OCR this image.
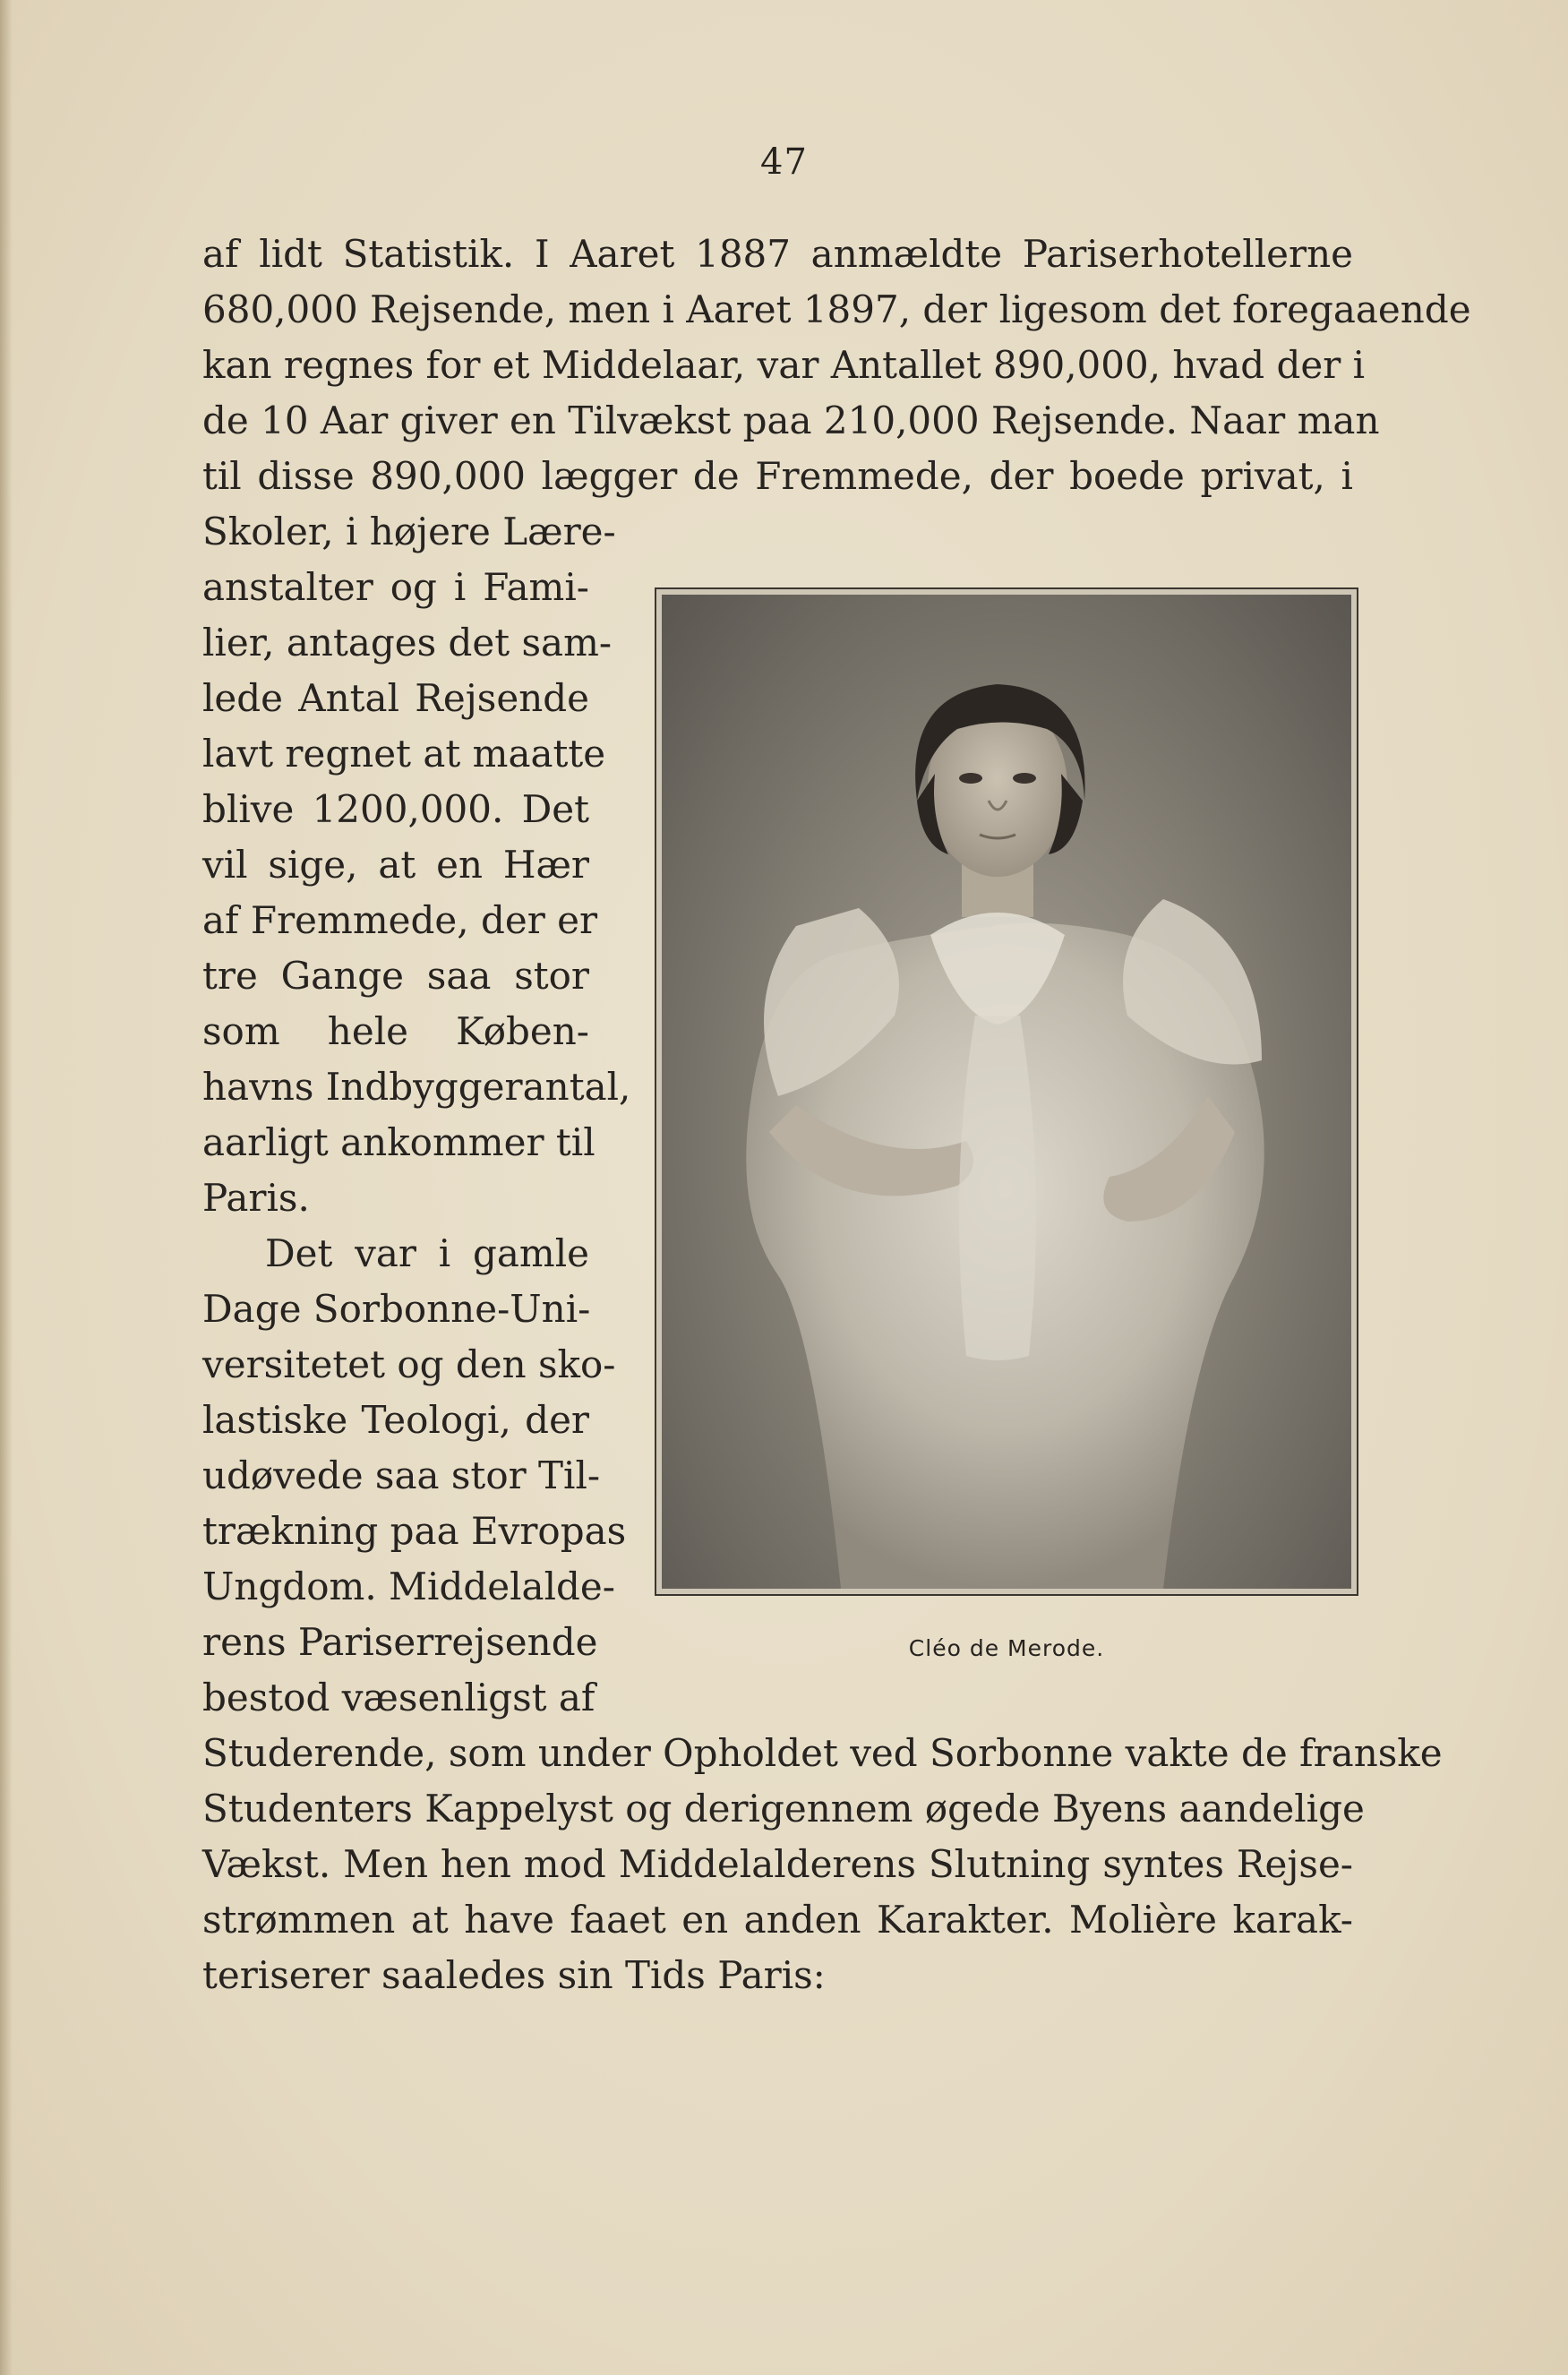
47
af lidt Statistik. I Aaret 1887 anmældte Pariserhotellerne
680,000 Rejsende, men i Aaret 1897, der ligesom det foregaaende
kan regnes for et Middelaar, var Antallet 890,000, hvad der i
de 10 Aar giver en Tilvækst paa 210,000 Rejsende. Naar man
til disse 890,000 lægger de Fremmede, der boede privat, i
Skoler, i højere Lære-
anstalter og i Fami-
lier, antages det sam-
lede Antal Rejsende
lavt regnet at maatte
blive 1200,000. Det
vil sige, at en Hær
af Fremmede, der er
tre Gange saa stor
som hele Køben-
havns Indbyggerantal,
aarligt ankommer til
Paris.
Det var i gamle
Dage Sorbonne-Uni-
versitetet og den sko-
lastiske Teologi, der
udøvede saa stor Til-
trækning paa Evropas
Ungdom. Middelalde-
rens Pariserrejsende
bestod væsenligst af
Studerende, som under Opholdet ved Sorbonne vakte de franske
Studenters Kappelyst og derigennem øgede Byens aandelige
Vækst. Men hen mod Middelalderens Slutning syntes Rejse-
strømmen at have faaet en anden Karakter. Molière karak-
teriserer saaledes sin Tids Paris:
Cléo de Merode.
